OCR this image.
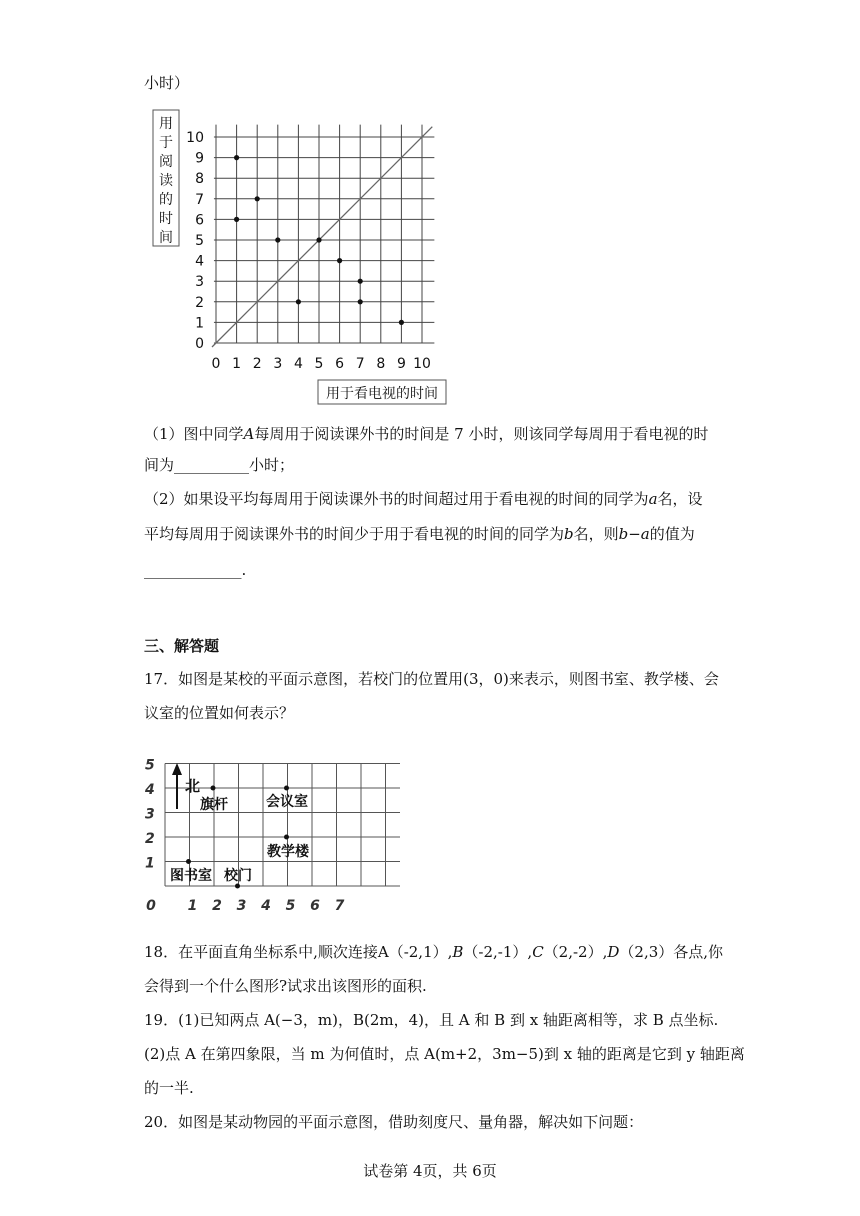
小时）
0 1 2 3 4 5 6 7 8 9 10
0
1
2
3
4
5
6
7
8
9
10
用
于
阅
读
的
时
间
用于看电视的时间
（1）图中同学A每周用于阅读课外书的时间是 7 小时，则该同学每周用于看电视的时
间为__________小时；
（2）如果设平均每周用于阅读课外书的时间超过用于看电视的时间的同学为a名，设
平均每周用于阅读课外书的时间少于用于看电视的时间的同学为b名，则b−a的值为
_____________.
三、解答题
17．如图是某校的平面示意图，若校门的位置用(3，0)来表示，则图书室、教学楼、会
议室的位置如何表示？
1
2
3
4
5
0 1 2 3 4 5 6 7
北
旗杆	会议室
教学楼
图书室 校门
18．在平面直角坐标系中,顺次连接A（-2,1）,B（-2,-1）,C（2,-2）,D（2,3）各点,你
会得到一个什么图形?试求出该图形的面积.
19．(1)已知两点 A(−3，m)，B(2m，4)，且 A 和 B 到 x 轴距离相等，求 B 点坐标.
(2)点 A 在第四象限，当 m 为何值时，点 A(m+2，3m−5)到 x 轴的距离是它到 y 轴距离
的一半.
20．如图是某动物园的平面示意图，借助刻度尺、量角器，解决如下问题：
试卷第 4页，共 6页
